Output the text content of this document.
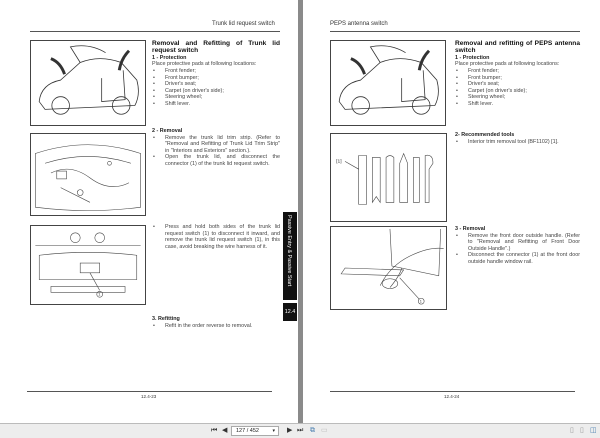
Trunk lid request switch
1
Removal and Refitting of Trunk lid request switch
1 - Protection
Place protective pads at following locations:
• Front fender;
• Front bumper;
• Driver's seat;
• Carpet (on driver's side);
• Steering wheel;
• Shift lever.
2 - Removal
• Remove the trunk lid trim strip. (Refer to "Removal and Refitting of Trunk Lid Trim Strip" in "Interiors and Exteriors" section.).
• Open the trunk lid, and disconnect the connector (1) of the trunk lid request switch.
• Press and hold both sides of the trunk lid request switch (1) to disconnect it inward, and remove the trunk lid request switch (1), in this case, avoid breaking the wire harness of it.
3. Refitting
• Refit in the order reverse to removal.
Passive Entry & Passive Start
12.4
12.4-23
PEPS antenna switch
[1]
1
Removal and refitting of PEPS antenna switch
1 - Protection
Place protective pads at following locations:
• Front fender;
• Front bumper;
• Driver's seat;
• Carpet (on driver's side);
• Steering wheel;
• Shift lever.
2- Recommended tools
• Interior trim removal tool (BF1102) [1].
3 - Removal
• Remove the front door outside handle. (Refer to "Removal and Refitting of Front Door Outside Handle".)
• Disconnect the connector (1) at the front door outside handle window rail.
12.4-24
⏮ ◀	127 / 452	▾ ▶ ⏭ ⧉ ▭	▯ ▯ ◫
